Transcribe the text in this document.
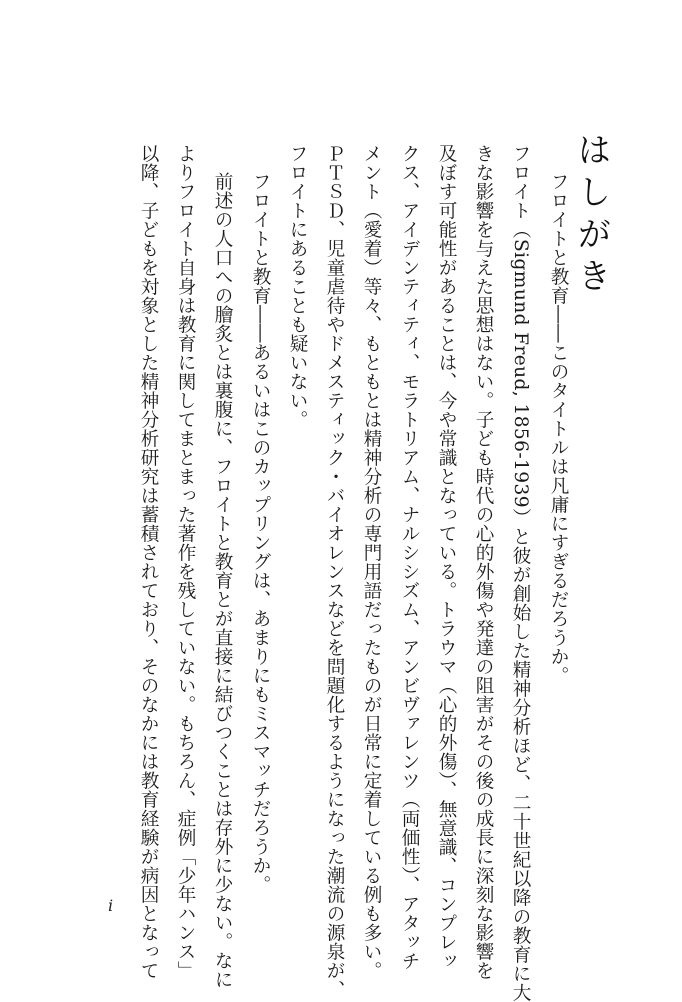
はしがき
フロイトと教育――このタイトルは凡庸にすぎるだろうか。
フロイト（Sigmund Freud, 1856-1939）と彼が創始した精神分析ほど、二十世紀以降の教育に大
きな影響を与えた思想はない。子ども時代の心的外傷や発達の阻害がその後の成長に深刻な影響を
及ぼす可能性があることは、今や常識となっている。トラウマ（心的外傷）、無意識、コンプレッ
クス、アイデンティティ、モラトリアム、ナルシシズム、アンビヴァレンツ（両価性）、アタッチ
メント（愛着）等々、もともとは精神分析の専門用語だったものが日常に定着している例も多い。
ＰＴＳＤ、児童虐待やドメスティック・バイオレンスなどを問題化するようになった潮流の源泉が、
フロイトにあることも疑いない。
フロイトと教育――あるいはこのカップリングは、あまりにもミスマッチだろうか。
前述の人口への膾炙とは裏腹に、フロイトと教育とが直接に結びつくことは存外に少ない。なに
よりフロイト自身は教育に関してまとまった著作を残していない。もちろん、症例「少年ハンス」
以降、子どもを対象とした精神分析研究は蓄積されており、そのなかには教育経験が病因となって
i
